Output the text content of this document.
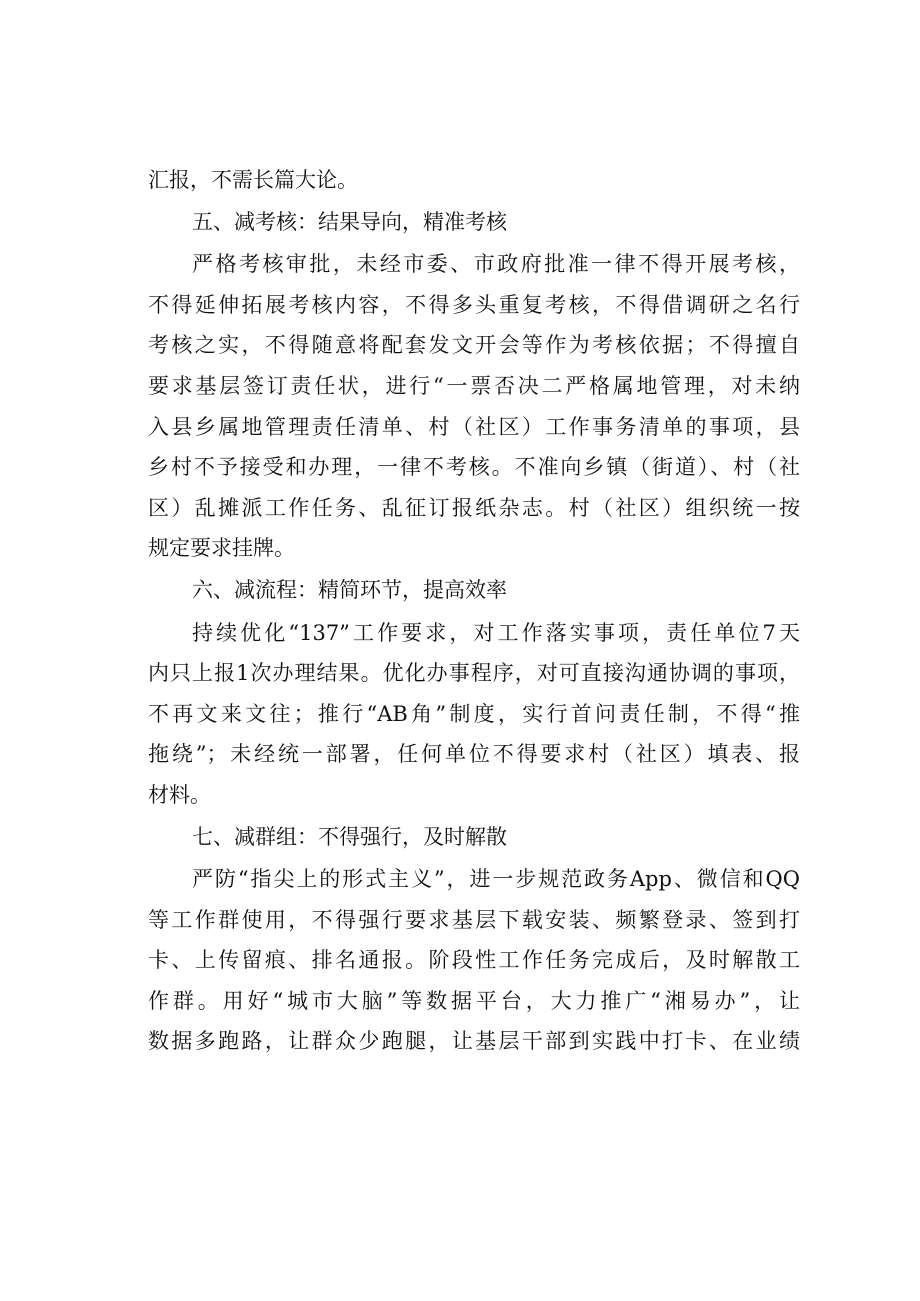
汇报，不需长篇大论。
五、减考核：结果导向，精准考核
严格考核审批，未经市委、市政府批准一律不得开展考核，
不得延伸拓展考核内容，不得多头重复考核，不得借调研之名行
考核之实，不得随意将配套发文开会等作为考核依据；不得擅自
要求基层签订责任状，进行“一票否决二严格属地管理，对未纳
入县乡属地管理责任清单、村（社区）工作事务清单的事项，县
乡村不予接受和办理，一律不考核。不准向乡镇（街道）、村（社
区）乱摊派工作任务、乱征订报纸杂志。村（社区）组织统一按
规定要求挂牌。
六、减流程：精简环节，提高效率
持续优化“137”工作要求，对工作落实事项，责任单位7天
内只上报1次办理结果。优化办事程序，对可直接沟通协调的事项，
不再文来文往；推行“AB角”制度，实行首问责任制，不得“推
拖绕”；未经统一部署，任何单位不得要求村（社区）填表、报
材料。
七、减群组：不得强行，及时解散
严防“指尖上的形式主义”，进一步规范政务App、微信和QQ
等工作群使用，不得强行要求基层下载安装、频繁登录、签到打
卡、上传留痕、排名通报。阶段性工作任务完成后，及时解散工
作群。用好“城市大脑”等数据平台，大力推广“湘易办”，让
数据多跑路，让群众少跑腿，让基层干部到实践中打卡、在业绩
